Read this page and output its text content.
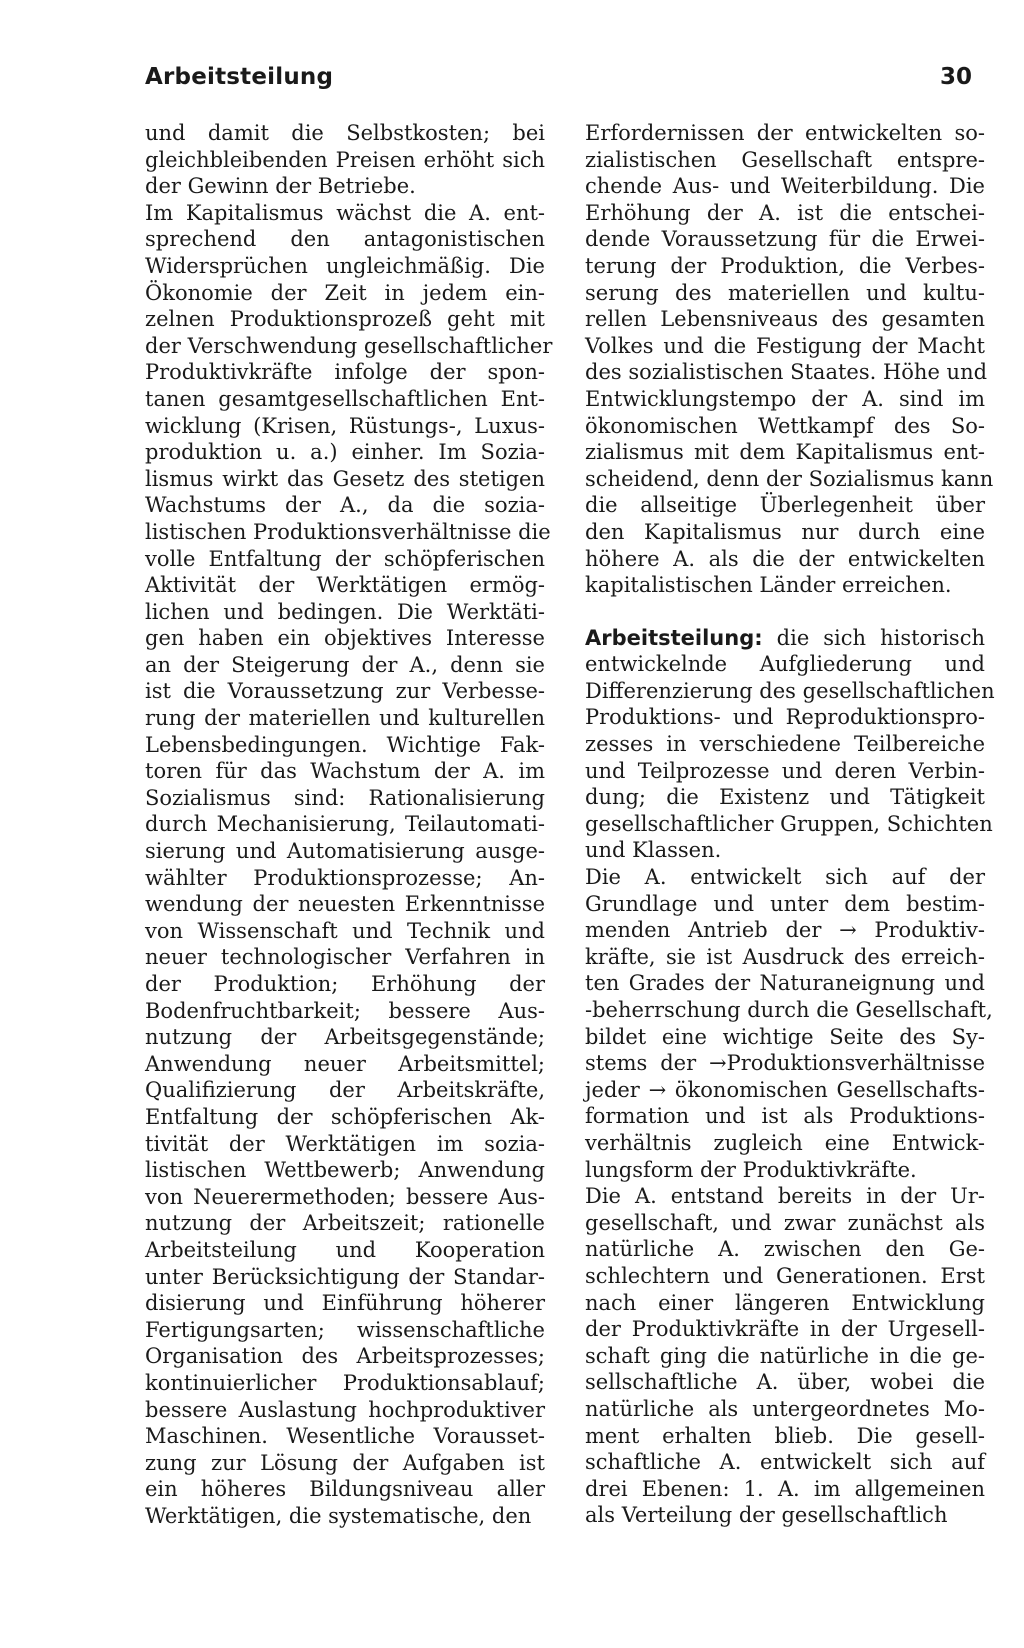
Arbeitsteilung	30
und damit die Selbstkosten; bei
gleichbleibenden Preisen erhöht sich
der Gewinn der Betriebe.
Im Kapitalismus wächst die A. ent-
sprechend den antagonistischen
Widersprüchen ungleichmäßig. Die
Ökonomie der Zeit in jedem ein-
zelnen Produktionsprozeß geht mit
der Verschwendung gesellschaftlicher
Produktivkräfte infolge der spon-
tanen gesamtgesellschaftlichen Ent-
wicklung (Krisen, Rüstungs-, Luxus-
produktion u. a.) einher. Im Sozia-
lismus wirkt das Gesetz des stetigen
Wachstums der A., da die sozia-
listischen Produktionsverhältnisse die
volle Entfaltung der schöpferischen
Aktivität der Werktätigen ermög-
lichen und bedingen. Die Werktäti-
gen haben ein objektives Interesse
an der Steigerung der A., denn sie
ist die Voraussetzung zur Verbesse-
rung der materiellen und kulturellen
Lebensbedingungen. Wichtige Fak-
toren für das Wachstum der A. im
Sozialismus sind: Rationalisierung
durch Mechanisierung, Teilautomati-
sierung und Automatisierung ausge-
wählter Produktionsprozesse; An-
wendung der neuesten Erkenntnisse
von Wissenschaft und Technik und
neuer technologischer Verfahren in
der Produktion; Erhöhung der
Bodenfruchtbarkeit; bessere Aus-
nutzung der Arbeitsgegenstände;
Anwendung neuer Arbeitsmittel;
Qualifizierung der Arbeitskräfte,
Entfaltung der schöpferischen Ak-
tivität der Werktätigen im sozia-
listischen Wettbewerb; Anwendung
von Neuerermethoden; bessere Aus-
nutzung der Arbeitszeit; rationelle
Arbeitsteilung und Kooperation
unter Berücksichtigung der Standar-
disierung und Einführung höherer
Fertigungsarten; wissenschaftliche
Organisation des Arbeitsprozesses;
kontinuierlicher Produktionsablauf;
bessere Auslastung hochproduktiver
Maschinen. Wesentliche Vorausset-
zung zur Lösung der Aufgaben ist
ein höheres Bildungsniveau aller
Werktätigen, die systematische, den
Erfordernissen der entwickelten so-
zialistischen Gesellschaft entspre-
chende Aus- und Weiterbildung. Die
Erhöhung der A. ist die entschei-
dende Voraussetzung für die Erwei-
terung der Produktion, die Verbes-
serung des materiellen und kultu-
rellen Lebensniveaus des gesamten
Volkes und die Festigung der Macht
des sozialistischen Staates. Höhe und
Entwicklungstempo der A. sind im
ökonomischen Wettkampf des So-
zialismus mit dem Kapitalismus ent-
scheidend, denn der Sozialismus kann
die allseitige Überlegenheit über
den Kapitalismus nur durch eine
höhere A. als die der entwickelten
kapitalistischen Länder erreichen.
Arbeitsteilung: die sich historisch
entwickelnde Aufgliederung und
Differenzierung des gesellschaftlichen
Produktions- und Reproduktionspro-
zesses in verschiedene Teilbereiche
und Teilprozesse und deren Verbin-
dung; die Existenz und Tätigkeit
gesellschaftlicher Gruppen, Schichten
und Klassen.
Die A. entwickelt sich auf der
Grundlage und unter dem bestim-
menden Antrieb der → Produktiv-
kräfte, sie ist Ausdruck des erreich-
ten Grades der Naturaneignung und
-beherrschung durch die Gesellschaft,
bildet eine wichtige Seite des Sy-
stems der →Produktionsverhältnisse
jeder → ökonomischen Gesellschafts-
formation und ist als Produktions-
verhältnis zugleich eine Entwick-
lungsform der Produktivkräfte.
Die A. entstand bereits in der Ur-
gesellschaft, und zwar zunächst als
natürliche A. zwischen den Ge-
schlechtern und Generationen. Erst
nach einer längeren Entwicklung
der Produktivkräfte in der Urgesell-
schaft ging die natürliche in die ge-
sellschaftliche A. über, wobei die
natürliche als untergeordnetes Mo-
ment erhalten blieb. Die gesell-
schaftliche A. entwickelt sich auf
drei Ebenen: 1. A. im allgemeinen
als Verteilung der gesellschaftlich
